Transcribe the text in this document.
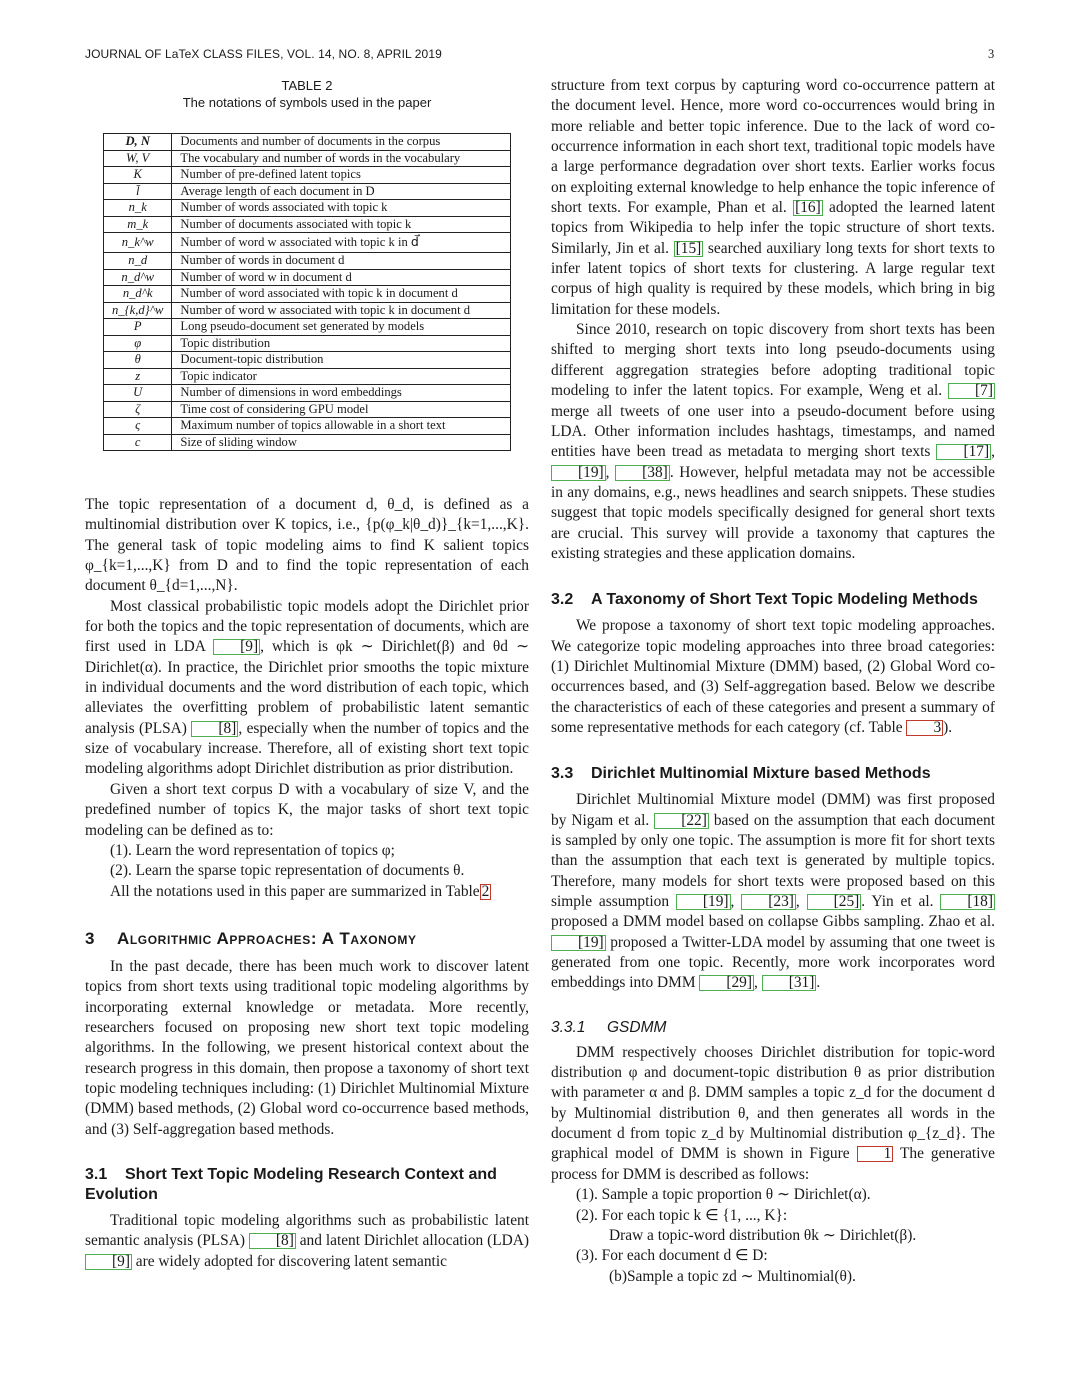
JOURNAL OF LaTeX CLASS FILES, VOL. 14, NO. 8, APRIL 2019	3
TABLE 2
The notations of symbols used in the paper
D, N	Documents and number of documents in the corpus
W, V	The vocabulary and number of words in the vocabulary
K	Number of pre-defined latent topics
l̄	Average length of each document in D
n_k	Number of words associated with topic k
m_k	Number of documents associated with topic k
n_k^w	Number of word w associated with topic k in d⃗
n_d	Number of words in document d
n_d^w	Number of word w in document d
n_d^k	Number of word associated with topic k in document d
n_{k,d}^w	Number of word w associated with topic k in document d
P	Long pseudo-document set generated by models
φ	Topic distribution
θ	Document-topic distribution
z	Topic indicator
U	Number of dimensions in word embeddings
ζ	Time cost of considering GPU model
ς	Maximum number of topics allowable in a short text
c	Size of sliding window

The topic representation of a document d, θ_d, is defined as a multinomial distribution over K topics, i.e., {p(φ_k|θ_d)}_{k=1,...,K}. The general task of topic modeling aims to find K salient topics φ_{k=1,...,K} from D and to find the topic representation of each document θ_{d=1,...,N}.

Most classical probabilistic topic models adopt the Dirichlet prior for both the topics and the topic representation of documents, which are first used in LDA [9] , which is φk ∼ Dirichlet(β) and θd ∼ Dirichlet(α). In practice, the Dirichlet prior smooths the topic mixture in individual documents and the word distribution of each topic, which alleviates the overfitting problem of probabilistic latent semantic analysis (PLSA) [8] , especially when the number of topics and the size of vocabulary increase. Therefore, all of existing short text topic modeling algorithms adopt Dirichlet distribution as prior distribution.

Given a short text corpus D with a vocabulary of size V, and the predefined number of topics K, the major tasks of short text topic modeling can be defined as to:

(1). Learn the word representation of topics φ;

(2). Learn the sparse topic representation of documents θ.

All the notations used in this paper are summarized in Table 2

3 Algorithmic Approaches: A Taxonomy

In the past decade, there has been much work to discover latent topics from short texts using traditional topic modeling algorithms by incorporating external knowledge or metadata. More recently, researchers focused on proposing new short text topic modeling algorithms. In the following, we present historical context about the research progress in this domain, then propose a taxonomy of short text topic modeling techniques including: (1) Dirichlet Multinomial Mixture (DMM) based methods, (2) Global word co-occurrence based methods, and (3) Self-aggregation based methods.

3.1 Short Text Topic Modeling Research Context and Evolution

Traditional topic modeling algorithms such as probabilistic latent semantic analysis (PLSA) [8] and latent Dirichlet allocation (LDA) [9] are widely adopted for discovering latent semantic

structure from text corpus by capturing word co-occurrence pattern at the document level. Hence, more word co-occurrences would bring in more reliable and better topic inference. Due to the lack of word co-occurrence information in each short text, traditional topic models have a large performance degradation over short texts. Earlier works focus on exploiting external knowledge to help enhance the topic inference of short texts. For example, Phan et al. [16] adopted the learned latent topics from Wikipedia to help infer the topic structure of short texts. Similarly, Jin et al. [15] searched auxiliary long texts for short texts to infer latent topics of short texts for clustering. A large regular text corpus of high quality is required by these models, which bring in big limitation for these models.

Since 2010, research on topic discovery from short texts has been shifted to merging short texts into long pseudo-documents using different aggregation strategies before adopting traditional topic modeling to infer the latent topics. For example, Weng et al. [7] merge all tweets of one user into a pseudo-document before using LDA. Other information includes hashtags, timestamps, and named entities have been tread as metadata to merging short texts [17] , [19] , [38] . However, helpful metadata may not be accessible in any domains, e.g., news headlines and search snippets. These studies suggest that topic models specifically designed for general short texts are crucial. This survey will provide a taxonomy that captures the existing strategies and these application domains.

3.2 A Taxonomy of Short Text Topic Modeling Methods

We propose a taxonomy of short text topic modeling approaches. We categorize topic modeling approaches into three broad categories: (1) Dirichlet Multinomial Mixture (DMM) based, (2) Global Word co-occurrences based, and (3) Self-aggregation based. Below we describe the characteristics of each of these categories and present a summary of some representative methods for each category (cf. Table 3 ).

3.3 Dirichlet Multinomial Mixture based Methods

Dirichlet Multinomial Mixture model (DMM) was first proposed by Nigam et al. [22] based on the assumption that each document is sampled by only one topic. The assumption is more fit for short texts than the assumption that each text is generated by multiple topics. Therefore, many models for short texts were proposed based on this simple assumption [19] , [23] , [25] . Yin et al. [18] proposed a DMM model based on collapse Gibbs sampling. Zhao et al. [19] proposed a Twitter-LDA model by assuming that one tweet is generated from one topic. Recently, more work incorporates word embeddings into DMM [29] , [31] .

3.3.1 GSDMM

DMM respectively chooses Dirichlet distribution for topic-word distribution φ and document-topic distribution θ as prior distribution with parameter α and β. DMM samples a topic z_d for the document d by Multinomial distribution θ, and then generates all words in the document d from topic z_d by Multinomial distribution φ_{z_d}. The graphical model of DMM is shown in Figure 1 The generative process for DMM is described as follows:

(1). Sample a topic proportion θ ∼ Dirichlet(α).

(2). For each topic k ∈ {1, ..., K}:

Draw a topic-word distribution θk ∼ Dirichlet(β).

(3). For each document d ∈ D:

(b)Sample a topic zd ∼ Multinomial(θ).
